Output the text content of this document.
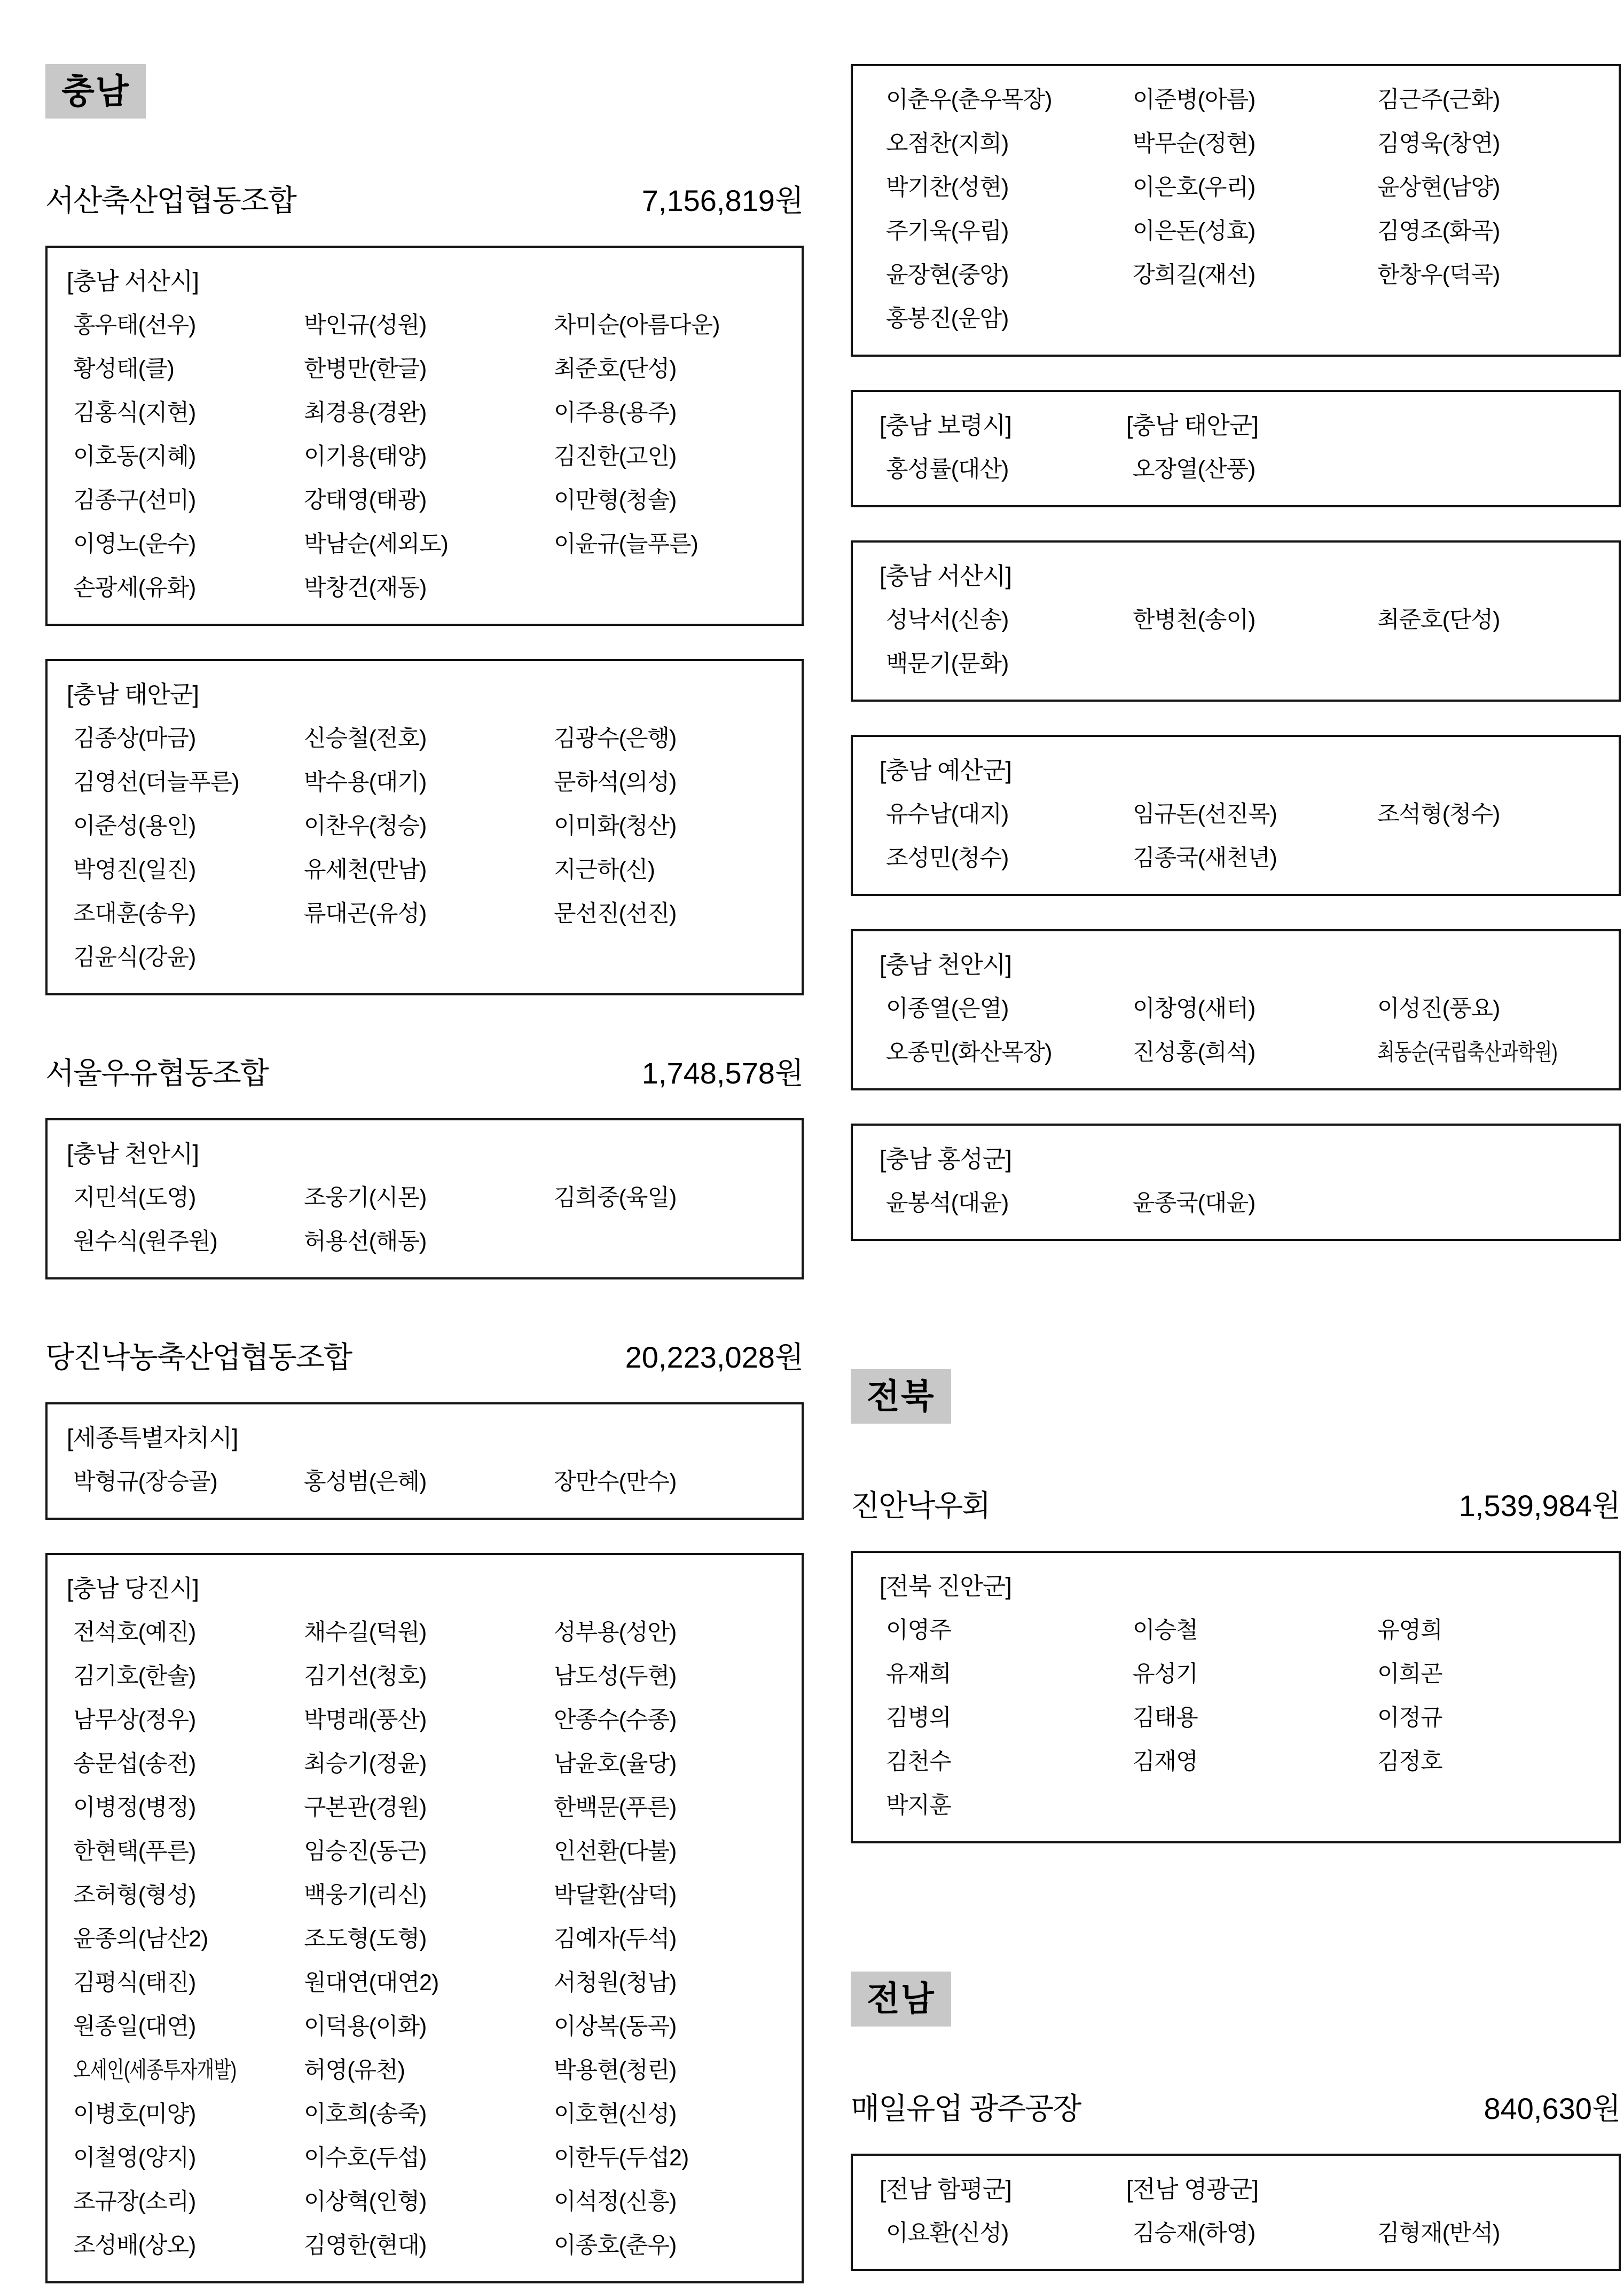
충남
서산축산업협동조합	7,156,819원
[충남 서산시]
홍우태(선우)	박인규(성원)	차미순(아름다운)
황성태(클)	한병만(한글)	최준호(단성)
김홍식(지현)	최경용(경완)	이주용(용주)
이호동(지혜)	이기용(태양)	김진한(고인)
김종구(선미)	강태영(태광)	이만형(청솔)
이영노(운수)	박남순(세외도)	이윤규(늘푸른)
손광세(유화)	박창건(재동)
[충남 태안군]
김종상(마금)	신승철(전호)	김광수(은행)
김영선(더늘푸른)	박수용(대기)	문하석(의성)
이준성(용인)	이찬우(청승)	이미화(청산)
박영진(일진)	유세천(만남)	지근하(신)
조대훈(송우)	류대곤(유성)	문선진(선진)
김윤식(강윤)
서울우유협동조합	1,748,578원
[충남 천안시]
지민석(도영)	조웅기(시몬)	김희중(육일)
원수식(원주원)	허용선(해동)
당진낙농축산업협동조합	20,223,028원
[세종특별자치시]
박형규(장승골)	홍성범(은혜)	장만수(만수)
[충남 당진시]
전석호(예진)	채수길(덕원)	성부용(성안)
김기호(한솔)	김기선(청호)	남도성(두현)
남무상(정우)	박명래(풍산)	안종수(수종)
송문섭(송전)	최승기(정윤)	남윤호(율당)
이병정(병정)	구본관(경원)	한백문(푸른)
한현택(푸른)	임승진(동근)	인선환(다불)
조허형(형성)	백웅기(리신)	박달환(삼덕)
윤종의(남산2)	조도형(도형)	김예자(두석)
김평식(태진)	원대연(대연2)	서청원(청남)
원종일(대연)	이덕용(이화)	이상복(동곡)
오세인(세종투자개발)	허영(유천)	박용현(청린)
이병호(미양)	이호희(송죽)	이호현(신성)
이철영(양지)	이수호(두섭)	이한두(두섭2)
조규장(소리)	이상혁(인형)	이석정(신흥)
조성배(상오)	김영한(현대)	이종호(춘우)
이춘우(춘우목장)	이준병(아름)	김근주(근화)
오점찬(지희)	박무순(정현)	김영욱(창연)
박기찬(성현)	이은호(우리)	윤상현(남양)
주기욱(우림)	이은돈(성효)	김영조(화곡)
윤장현(중앙)	강희길(재선)	한창우(덕곡)
홍봉진(운암)
[충남 보령시]	[충남 태안군]
홍성률(대산)	오장열(산풍)
[충남 서산시]
성낙서(신송)	한병천(송이)	최준호(단성)
백문기(문화)
[충남 예산군]
유수남(대지)	임규돈(선진목)	조석형(청수)
조성민(청수)	김종국(새천년)
[충남 천안시]
이종열(은열)	이창영(새터)	이성진(풍요)
오종민(화산목장)	진성홍(희석)	최동순(국립축산과학원)
[충남 홍성군]
윤봉석(대윤)	윤종국(대윤)
전북
진안낙우회	1,539,984원
[전북 진안군]
이영주	이승철	유영희
유재희	유성기	이희곤
김병의	김태용	이정규
김천수	김재영	김정호
박지훈
전남
매일유업 광주공장	840,630원
[전남 함평군]	[전남 영광군]
이요환(신성)	김승재(하영)	김형재(반석)
